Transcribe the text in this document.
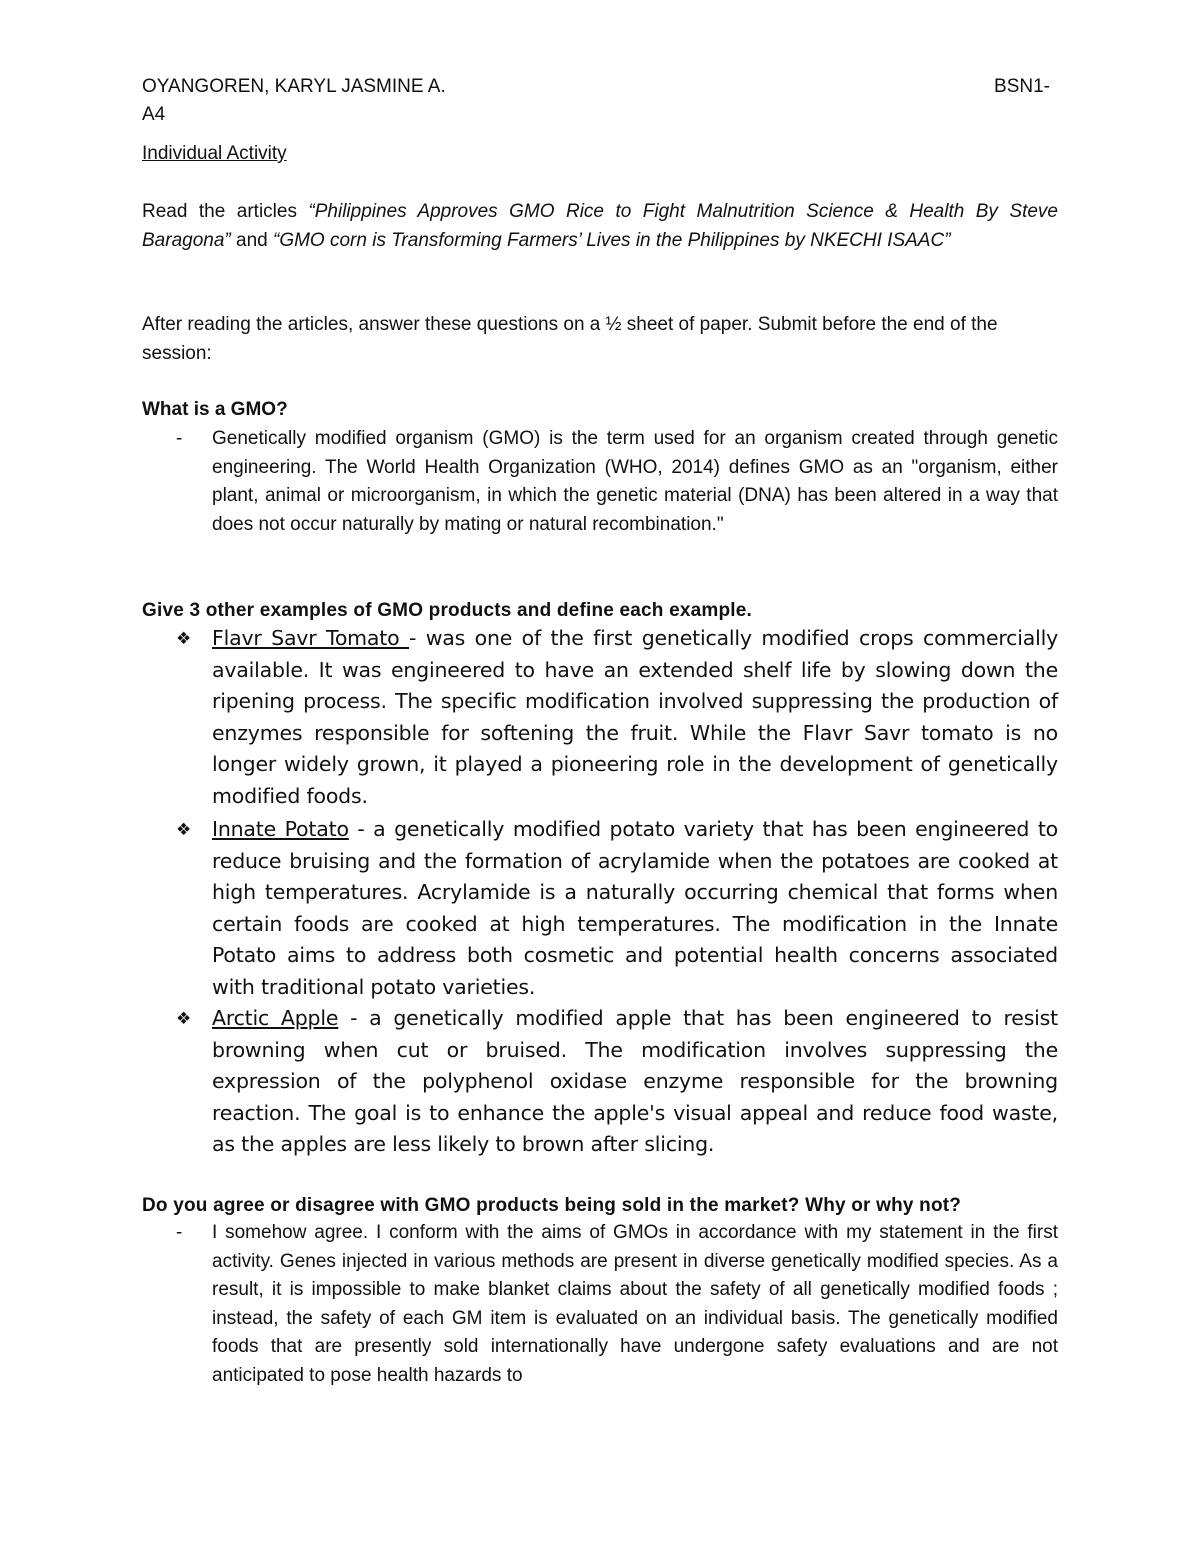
OYANGOREN, KARYL JASMINE A.	BSN1-
A4
Individual Activity
Read the articles “Philippines Approves GMO Rice to Fight Malnutrition Science & Health By Steve Baragona” and “GMO corn is Transforming Farmers’ Lives in the Philippines by NKECHI ISAAC”
After reading the articles, answer these questions on a ½ sheet of paper. Submit before the end of the session:
What is a GMO?
-	Genetically modified organism (GMO) is the term used for an organism created through genetic engineering. The World Health Organization (WHO, 2014) defines GMO as an "organism, either plant, animal or microorganism, in which the genetic material (DNA) has been altered in a way that does not occur naturally by mating or natural recombination."
Give 3 other examples of GMO products and define each example.
❖ Flavr Savr Tomato - was one of the first genetically modified crops commercially available. It was engineered to have an extended shelf life by slowing down the ripening process. The specific modification involved suppressing the production of enzymes responsible for softening the fruit. While the Flavr Savr tomato is no longer widely grown, it played a pioneering role in the development of genetically modified foods.
❖ Innate Potato - a genetically modified potato variety that has been engineered to reduce bruising and the formation of acrylamide when the potatoes are cooked at high temperatures. Acrylamide is a naturally occurring chemical that forms when certain foods are cooked at high temperatures. The modification in the Innate Potato aims to address both cosmetic and potential health concerns associated with traditional potato varieties.
❖ Arctic Apple - a genetically modified apple that has been engineered to resist browning when cut or bruised. The modification involves suppressing the expression of the polyphenol oxidase enzyme responsible for the browning reaction. The goal is to enhance the apple's visual appeal and reduce food waste, as the apples are less likely to brown after slicing.
Do you agree or disagree with GMO products being sold in the market? Why or why not?
-	I somehow agree. I conform with the aims of GMOs in accordance with my statement in the first activity. Genes injected in various methods are present in diverse genetically modified species. As a result, it is impossible to make blanket claims about the safety of all genetically modified foods ; instead, the safety of each GM item is evaluated on an individual basis. The genetically modified foods that are presently sold internationally have undergone safety evaluations and are not anticipated to pose health hazards to
